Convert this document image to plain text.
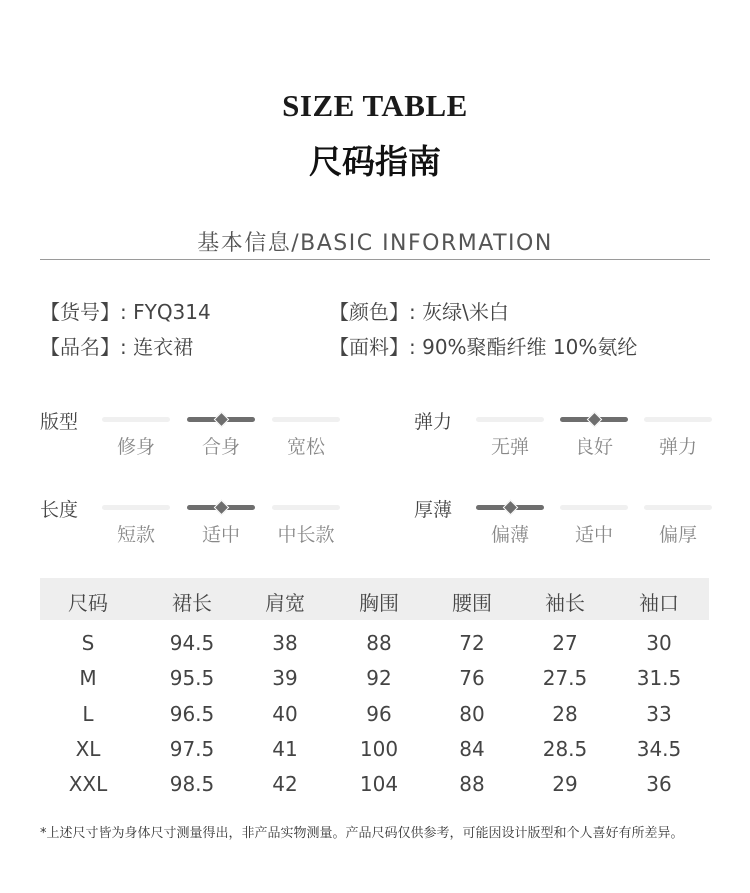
SIZE TABLE
尺码指南
基本信息/BASIC INFORMATION
【货号】: FYQ314	【颜色】: 灰绿\米白
【品名】: 连衣裙	【面料】: 90%聚酯纤维 10%氨纶
版型
修身	合身	宽松
弹力
无弹	良好	弹力
长度
短款	适中	中长款
厚薄
偏薄	适中	偏厚
尺码	裙长	肩宽	胸围	腰围	袖长	袖口
S	94.5	38	88	72	27	30
M	95.5	39	92	76	27.5	31.5
L	96.5	40	96	80	28	33
XL	97.5	41	100	84	28.5	34.5
XXL	98.5	42	104	88	29	36
*上述尺寸皆为身体尺寸测量得出，非产品实物测量。产品尺码仅供参考，可能因设计版型和个人喜好有所差异。
